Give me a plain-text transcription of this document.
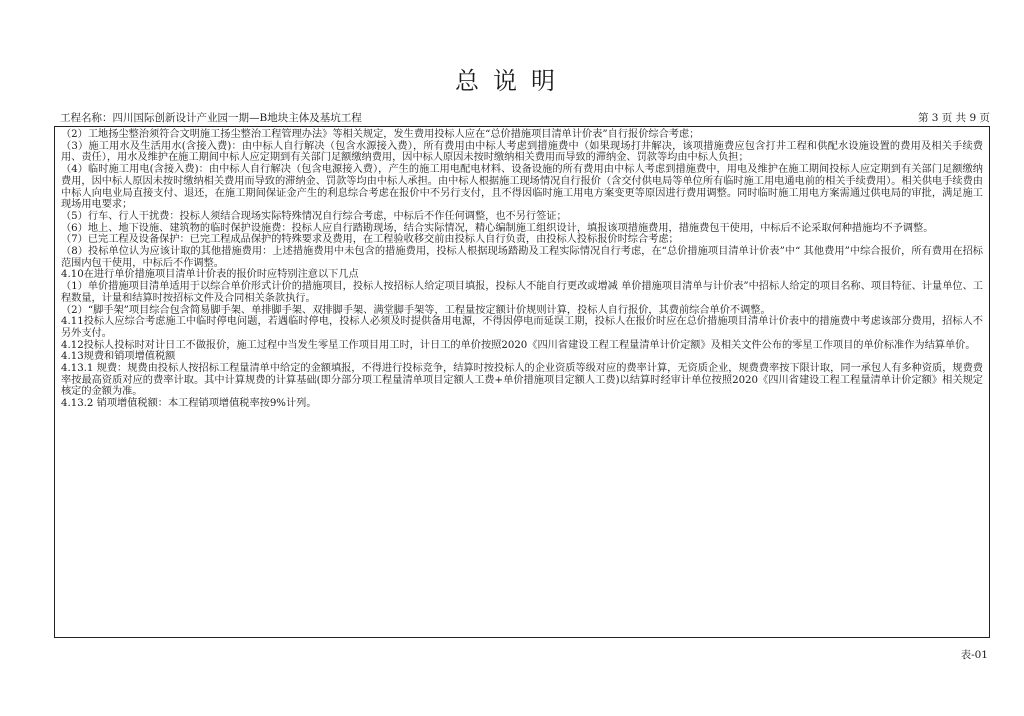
总说明
工程名称：四川国际创新设计产业园一期—B地块主体及基坑工程	第 3 页 共 9 页

（2）工地扬尘整治须符合文明施工扬尘整治工程管理办法》等相关规定，发生费用投标人应在“总价措施项目清单计价表”自行报价综合考虑；

（3）施工用水及生活用水(含接入费)：由中标人自行解决（包含水源接入费），所有费用由中标人考虑到措施费中（如果现场打井解决，该项措施费应包含打井工程和供配水设施设置的费用及相关手续费用、责任），用水及维护在施工期间中标人应定期到有关部门足额缴纳费用，因中标人原因未按时缴纳相关费用而导致的滞纳金、罚款等均由中标人负担；

（4）临时施工用电(含接入费)：由中标人自行解决（包含电源接入费），产生的施工用电配电材料、设备设施的所有费用由中标人考虑到措施费中，用电及维护在施工期间投标人应定期到有关部门足额缴纳费用，因中标人原因未按时缴纳相关费用而导致的滞纳金、罚款等均由中标人承担。由中标人根据施工现场情况自行报价（含交付供电局等单位所有临时施工用电通电前的相关手续费用）。相关供电手续费由中标人向电业局直接支付、退还，在施工期间保证金产生的利息综合考虑在报价中不另行支付，且不得因临时施工用电方案变更等原因进行费用调整。同时临时施工用电方案需通过供电局的审批，满足施工现场用电要求；

（5）行车、行人干扰费：投标人须结合现场实际特殊情况自行综合考虑，中标后不作任何调整，也不另行签证；

（6）地上、地下设施、建筑物的临时保护设施费：投标人应自行踏勘现场，结合实际情况，精心编制施工组织设计，填报该项措施费用，措施费包干使用，中标后不论采取何种措施均不予调整。

（7）已完工程及设备保护：已完工程成品保护的特殊要求及费用，在工程验收移交前由投标人自行负责，由投标人投标报价时综合考虑；

（8）投标单位认为应该计取的其他措施费用：上述措施费用中未包含的措施费用，投标人根据现场踏勘及工程实际情况自行考虑，在“总价措施项目清单计价表”中“ 其他费用”中综合报价，所有费用在招标范围内包干使用，中标后不作调整。

4.10在进行单价措施项目清单计价表的报价时应特别注意以下几点

（1）单价措施项目清单适用于以综合单价形式计价的措施项目，投标人按招标人给定项目填报，投标人不能自行更改或增减 单价措施项目清单与计价表”中招标人给定的项目名称、项目特征、计量单位、工程数量，计量和结算时按招标文件及合同相关条款执行。

（2）“脚手架”项目综合包含简易脚手架、单排脚手架、双排脚手架、满堂脚手架等，工程量按定额计价规则计算，投标人自行报价，其费前综合单价不调整。

4.11投标人应综合考虑施工中临时停电问题，若遇临时停电，投标人必须及时提供备用电源，不得因停电而延误工期，投标人在报价时应在总价措施项目清单计价表中的措施费中考虑该部分费用，招标人不另外支付。

4.12投标人投标时对计日工不做报价，施工过程中当发生零星工作项目用工时，计日工的单价按照2020《四川省建设工程工程量清单计价定额》及相关文件公布的零星工作项目的单价标准作为结算单价。

4.13规费和销项增值税额

4.13.1 规费：规费由投标人按招标工程量清单中给定的金额填报，不得进行投标竞争，结算时按投标人的企业资质等级对应的费率计算，无资质企业，规费费率按下限计取，同一承包人有多种资质，规费费率按最高资质对应的费率计取。其中计算规费的计算基础(即分部分项工程量清单项目定额人工费+单价措施项目定额人工费)以结算时经审计单位按照2020《四川省建设工程工程量清单计价定额》相关规定核定的金额为准。

4.13.2 销项增值税额：本工程销项增值税率按9%计列。

表-01
